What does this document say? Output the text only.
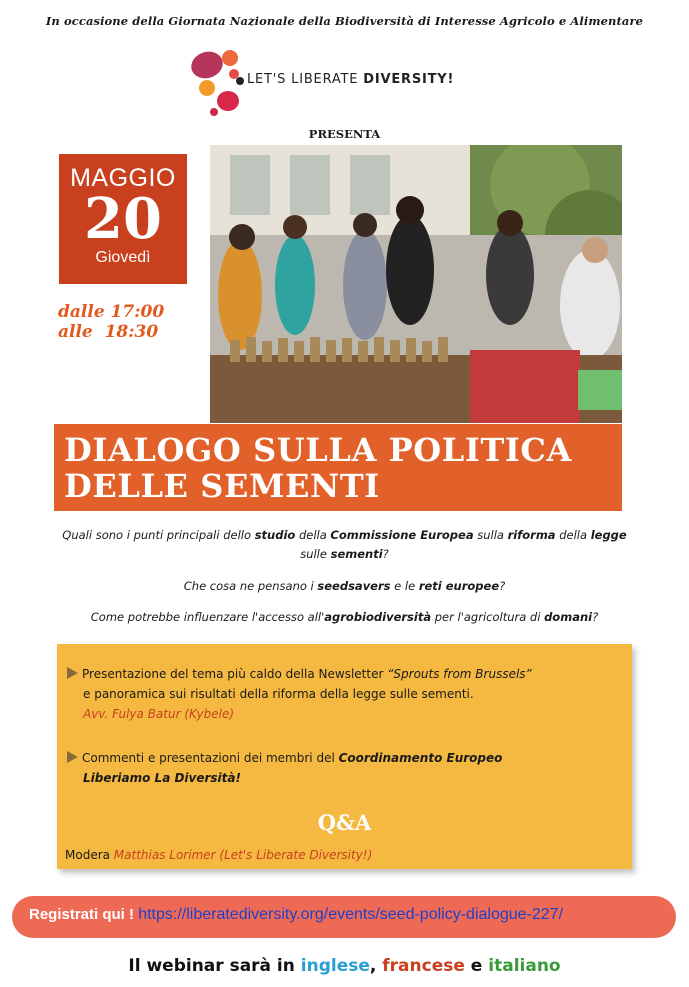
In occasione della Giornata Nazionale della Biodiversità di Interesse Agricolo e Alimentare
LET'S LIBERATE DIVERSITY!
PRESENTA
MAGGIO
20
Giovedì
dalle 17:00
alle  18:30
DIALOGO SULLA POLITICA
DELLE SEMENTI
Quali sono i punti principali dello studio della Commissione Europea sulla riforma della legge
sulle sementi?
Che cosa ne pensano i seedsavers e le reti europee?
Come potrebbe influenzare l'accesso all'agrobiodiversità per l'agricoltura di domani?
Presentazione del tema più caldo della Newsletter “Sprouts from Brussels”
e panoramica sui risultati della riforma della legge sulle sementi.
Avv. Fulya Batur (Kybele)
Commenti e presentazioni dei membri del Coordinamento Europeo
Liberiamo La Diversità!
Q&A
Modera Matthias Lorimer (Let's Liberate Diversity!)
Registrati qui ! https://liberatediversity.org/events/seed-policy-dialogue-227/
Il webinar sarà in inglese, francese e italiano
